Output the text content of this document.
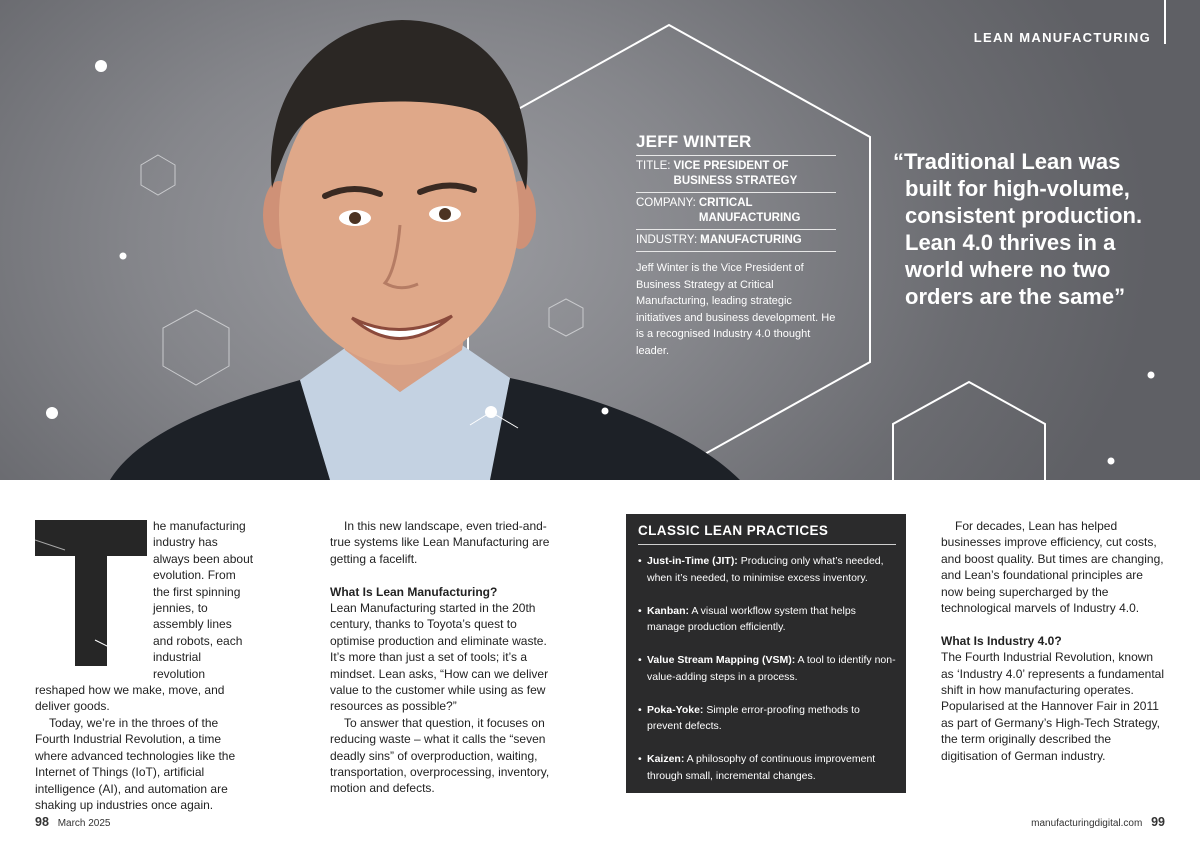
LEAN MANUFACTURING
JEFF WINTER
TITLE: VICE PRESIDENT OF
BUSINESS STRATEGY
COMPANY: CRITICAL
MANUFACTURING
INDUSTRY: MANUFACTURING

Jeff Winter is the Vice President of Business Strategy at Critical Manufacturing, leading strategic initiatives and business development. He is a recognised Industry 4.0 thought leader.

“Traditional Lean was
built for high-volume,
consistent production.
Lean 4.0 thrives in a
world where no two
orders are the same”

he manufacturing industry has always been about evolution. From the first spinning jennies, to assembly lines and robots, each industrial revolution reshaped how we make, move, and deliver goods.

Today, we’re in the throes of the Fourth Industrial Revolution, a time where advanced technologies like the Internet of Things (IoT), artificial intelligence (AI), and automation are shaking up industries once again.

In this new landscape, even tried-and-true systems like Lean Manufacturing are getting a facelift.

What Is Lean Manufacturing?

Lean Manufacturing started in the 20th century, thanks to Toyota’s quest to optimise production and eliminate waste. It’s more than just a set of tools; it’s a mindset. Lean asks, “How can we deliver value to the customer while using as few resources as possible?”

To answer that question, it focuses on reducing waste – what it calls the “seven deadly sins” of overproduction, waiting, transportation, overprocessing, inventory, motion and defects.

CLASSIC LEAN PRACTICES
• Just-in-Time (JIT): Producing only what’s needed, when it’s needed, to minimise excess inventory.
• Kanban: A visual workflow system that helps manage production efficiently.
• Value Stream Mapping (VSM): A tool to identify non-value-adding steps in a process.
• Poka-Yoke: Simple error-proofing methods to prevent defects.
• Kaizen: A philosophy of continuous improvement through small, incremental changes.

For decades, Lean has helped businesses improve efficiency, cut costs, and boost quality. But times are changing, and Lean’s foundational principles are now being supercharged by the technological marvels of Industry 4.0.

What Is Industry 4.0?

The Fourth Industrial Revolution, known as ‘Industry 4.0’ represents a fundamental shift in how manufacturing operates. Popularised at the Hannover Fair in 2011 as part of Germany’s High-Tech Strategy, the term originally described the digitisation of German industry.

98 March 2025	manufacturingdigital.com 99
